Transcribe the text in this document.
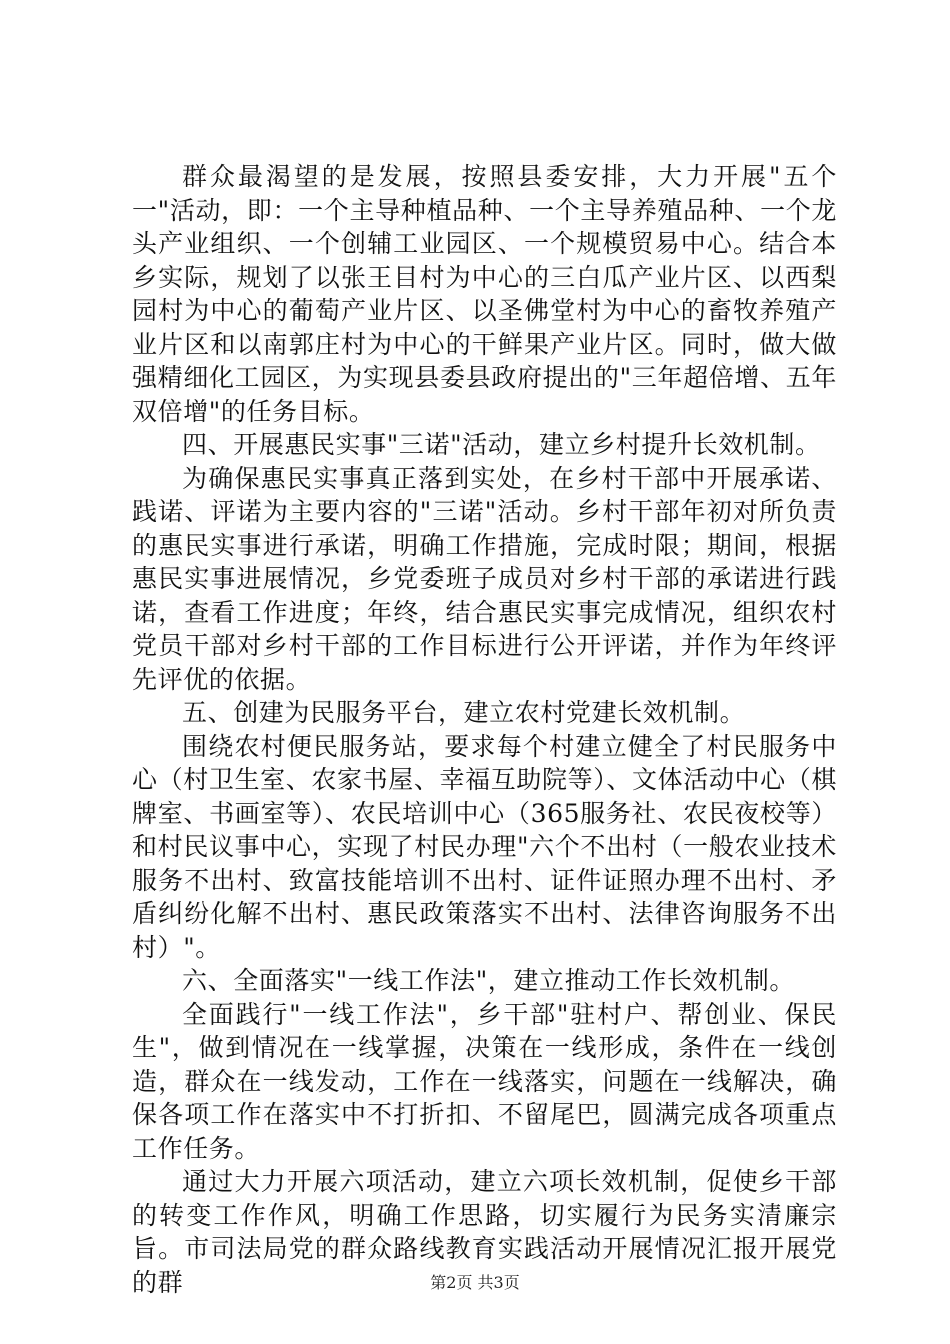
群众最渴望的是发展，按照县委安排，大力开展"五个一"活动，即：一个主导种植品种、一个主导养殖品种、一个龙头产业组织、一个创辅工业园区、一个规模贸易中心。结合本乡实际，规划了以张王目村为中心的三白瓜产业片区、以西梨园村为中心的葡萄产业片区、以圣佛堂村为中心的畜牧养殖产业片区和以南郭庄村为中心的干鲜果产业片区。同时，做大做强精细化工园区，为实现县委县政府提出的"三年超倍增、五年双倍增"的任务目标。

四、开展惠民实事"三诺"活动，建立乡村提升长效机制。

为确保惠民实事真正落到实处，在乡村干部中开展承诺、践诺、评诺为主要内容的"三诺"活动。乡村干部年初对所负责的惠民实事进行承诺，明确工作措施，完成时限；期间，根据惠民实事进展情况，乡党委班子成员对乡村干部的承诺进行践诺，查看工作进度；年终，结合惠民实事完成情况，组织农村党员干部对乡村干部的工作目标进行公开评诺，并作为年终评先评优的依据。

五、创建为民服务平台，建立农村党建长效机制。

围绕农村便民服务站，要求每个村建立健全了村民服务中心（村卫生室、农家书屋、幸福互助院等）、文体活动中心（棋牌室、书画室等）、农民培训中心（365服务社、农民夜校等）和村民议事中心，实现了村民办理"六个不出村（一般农业技术服务不出村、致富技能培训不出村、证件证照办理不出村、矛盾纠纷化解不出村、惠民政策落实不出村、法律咨询服务不出村）"。

六、全面落实"一线工作法"，建立推动工作长效机制。

全面践行"一线工作法"，乡干部"驻村户、帮创业、保民生"，做到情况在一线掌握，决策在一线形成，条件在一线创造，群众在一线发动，工作在一线落实，问题在一线解决，确保各项工作在落实中不打折扣、不留尾巴，圆满完成各项重点工作任务。

通过大力开展六项活动，建立六项长效机制，促使乡干部的转变工作作风，明确工作思路，切实履行为民务实清廉宗旨。市司法局党的群众路线教育实践活动开展情况汇报开展党的群	第2页 共3页
